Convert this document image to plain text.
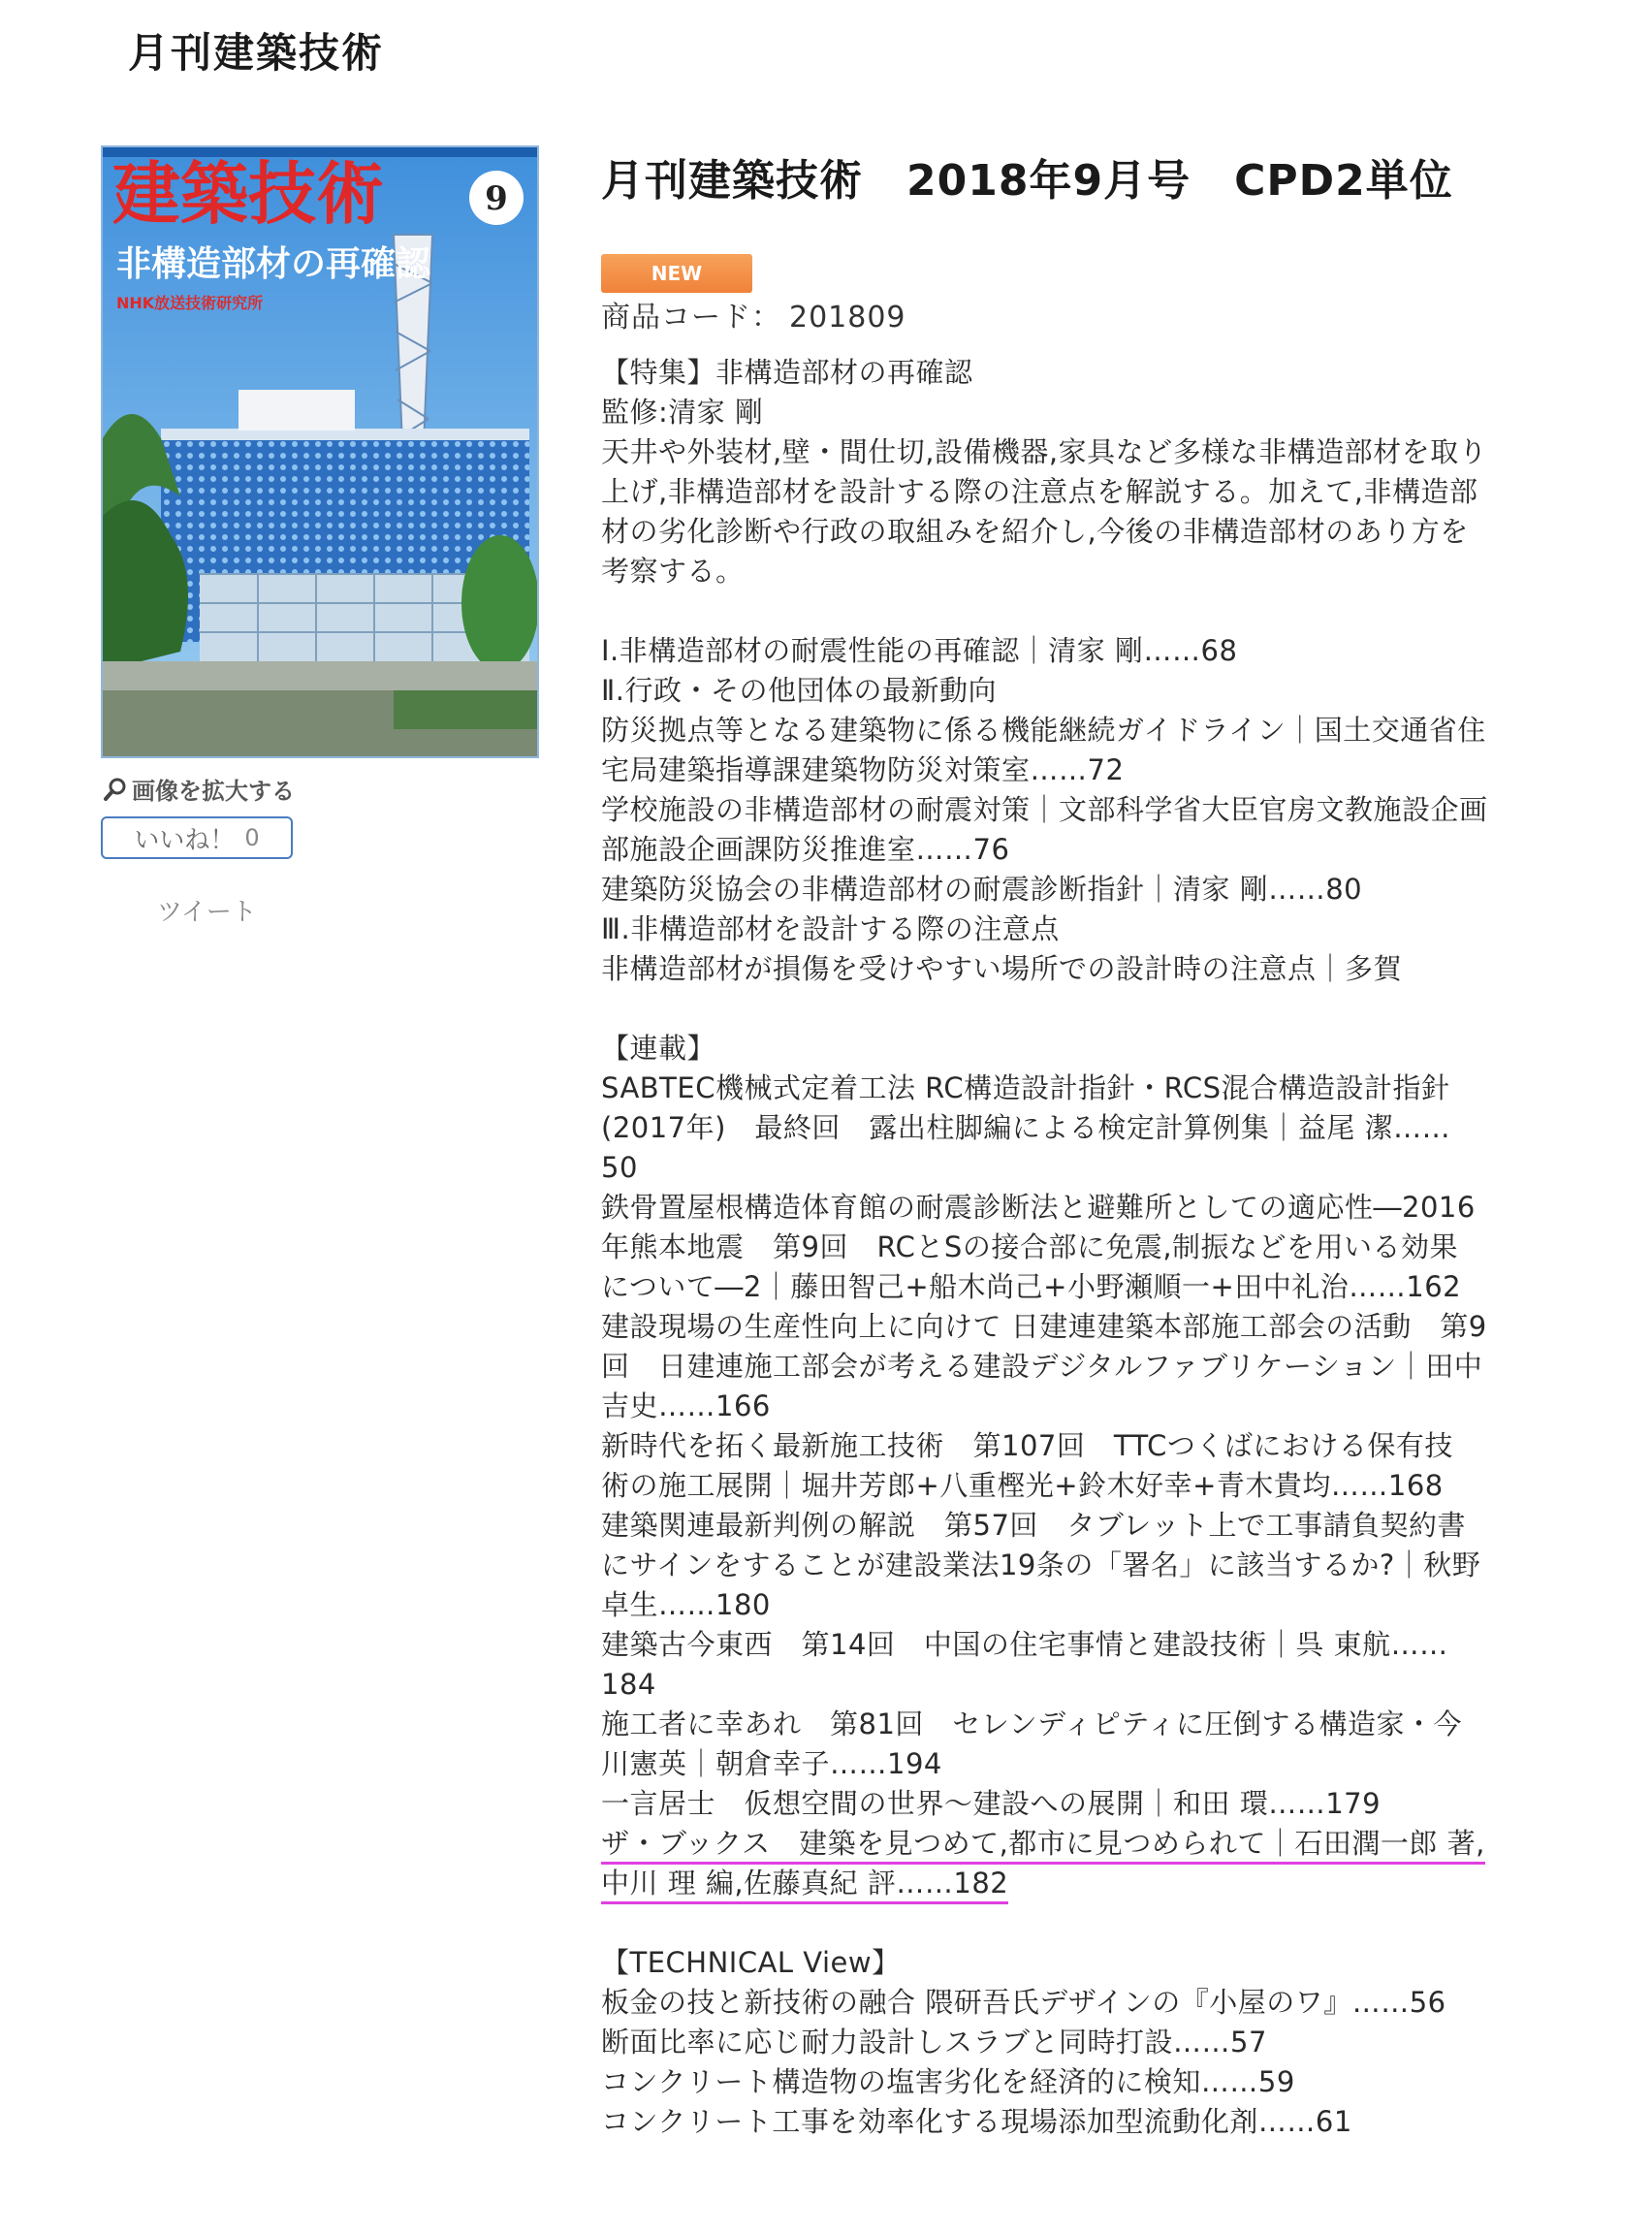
月刊建築技術
建築技術	9
非構造部材の再確認
NHK放送技術研究所
画像を拡大する
いいね！ 0
ツイート
月刊建築技術　2018年9月号　CPD2単位
NEW
商品コード： 201809
【特集】非構造部材の再確認
監修:清家 剛
天井や外装材,壁・間仕切,設備機器,家具など多様な非構造部材を取り
上げ,非構造部材を設計する際の注意点を解説する。加えて,非構造部
材の劣化診断や行政の取組みを紹介し,今後の非構造部材のあり方を
考察する。
Ⅰ.非構造部材の耐震性能の再確認｜清家 剛……68
Ⅱ.行政・その他団体の最新動向
防災拠点等となる建築物に係る機能継続ガイドライン｜国土交通省住
宅局建築指導課建築物防災対策室……72
学校施設の非構造部材の耐震対策｜文部科学省大臣官房文教施設企画
部施設企画課防災推進室……76
建築防災協会の非構造部材の耐震診断指針｜清家 剛……80
Ⅲ.非構造部材を設計する際の注意点
非構造部材が損傷を受けやすい場所での設計時の注意点｜多賀
【連載】
SABTEC機械式定着工法 RC構造設計指針・RCS混合構造設計指針
(2017年)　最終回　露出柱脚編による検定計算例集｜益尾 潔……
50
鉄骨置屋根構造体育館の耐震診断法と避難所としての適応性―2016
年熊本地震　第9回　RCとSの接合部に免震,制振などを用いる効果
について―2｜藤田智己+船木尚己+小野瀬順一+田中礼治……162
建設現場の生産性向上に向けて 日建連建築本部施工部会の活動　第9
回　日建連施工部会が考える建設デジタルファブリケーション｜田中
吉史……166
新時代を拓く最新施工技術　第107回　TTCつくばにおける保有技
術の施工展開｜堀井芳郎+八重樫光+鈴木好幸+青木貴均……168
建築関連最新判例の解説　第57回　タブレット上で工事請負契約書
にサインをすることが建設業法19条の「署名」に該当するか?｜秋野
卓生……180
建築古今東西　第14回　中国の住宅事情と建設技術｜呉 東航……
184
施工者に幸あれ　第81回　セレンディピティに圧倒する構造家・今
川憲英｜朝倉幸子……194
一言居士　仮想空間の世界～建設への展開｜和田 環……179
ザ・ブックス　建築を見つめて,都市に見つめられて｜石田潤一郎 著,
中川 理 編,佐藤真紀 評……182
【TECHNICAL View】
板金の技と新技術の融合 隈研吾氏デザインの『小屋のワ』……56
断面比率に応じ耐力設計しスラブと同時打設……57
コンクリート構造物の塩害劣化を経済的に検知……59
コンクリート工事を効率化する現場添加型流動化剤……61
